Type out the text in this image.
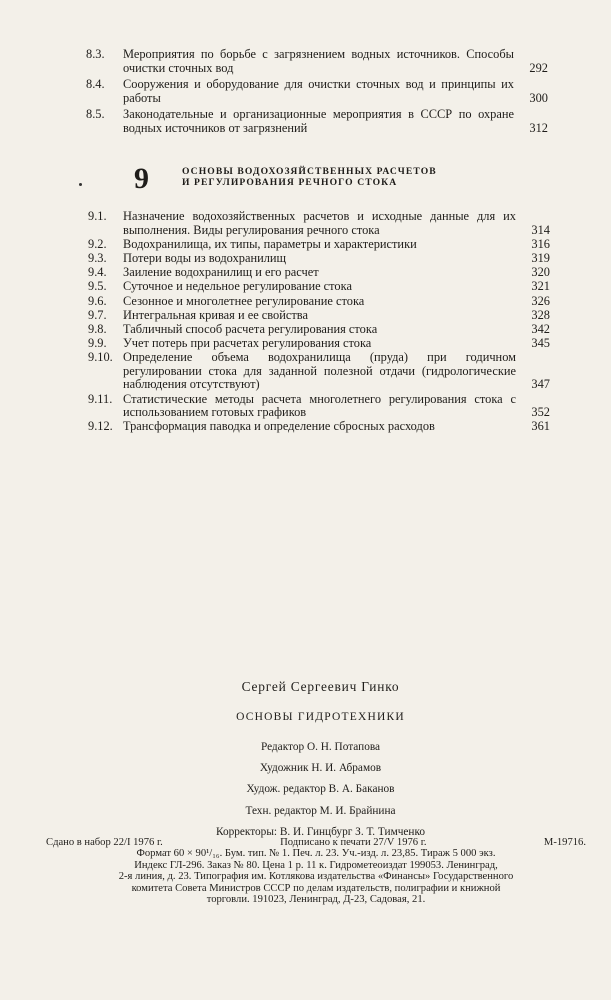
8.3. Мероприятия по борьбе с загрязнением водных источников. Способы очистки сточных вод	292
8.4. Сооружения и оборудование для очистки сточных вод и принципы их работы	300
8.5. Законодательные и организационные мероприятия в СССР по охране водных источников от загрязнений	312
9	ОСНОВЫ ВОДОХОЗЯЙСТВЕННЫХ РАСЧЕТОВ И РЕГУЛИРОВАНИЯ РЕЧНОГО СТОКА
9.1. Назначение водохозяйственных расчетов и исходные данные для их выполнения. Виды регулирования речного стока	314
9.2. Водохранилища, их типы, параметры и характеристики	316
9.3. Потери воды из водохранилищ	319
9.4. Заиление водохранилищ и его расчет	320
9.5. Суточное и недельное регулирование стока	321
9.6. Сезонное и многолетнее регулирование стока	326
9.7. Интегральная кривая и ее свойства	328
9.8. Табличный способ расчета регулирования стока	342
9.9. Учет потерь при расчетах регулирования стока	345
9.10. Определение объема водохранилища (пруда) при годичном регулировании стока для заданной полезной отдачи (гидрологические наблюдения отсутствуют)	347
9.11. Статистические методы расчета многолетнего регулирования стока с использованием готовых графиков	352
9.12. Трансформация паводка и определение сбросных расходов	361
Сергей Сергеевич Гинко
ОСНОВЫ ГИДРОТЕХНИКИ
Редактор О. Н. Потапова
Художник Н. И. Абрамов
Худож. редактор В. А. Баканов
Техн. редактор М. И. Брайнина
Корректоры: В. И. Гинцбург З. Т. Тимченко
Сдано в набор 22/I 1976 г.	Подписано к печати 27/V 1976 г.	М-19716.
Формат 60 × 90¹/₁₆. Бум. тип. № 1. Печ. л. 23. Уч.-изд. л. 23,85. Тираж 5 000 экз.
Индекс ГЛ-296. Заказ № 80. Цена 1 р. 11 к. Гидрометеоиздат 199053. Ленинград,
2-я линия, д. 23. Типография им. Котлякова издательства «Финансы» Государственного
комитета Совета Министров СССР по делам издательств, полиграфии и книжной
торговли. 191023, Ленинград, Д-23, Садовая, 21.
